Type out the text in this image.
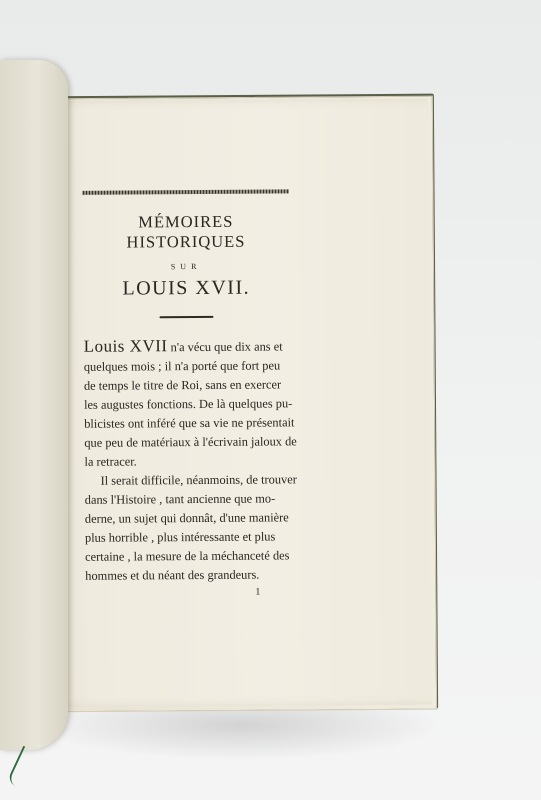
MÉMOIRES HISTORIQUES
SUR
LOUIS XVII.
Louis XVII n'a vécu que dix ans et
quelques mois ; il n'a porté que fort peu
de temps le titre de Roi, sans en exercer
les augustes fonctions. De là quelques pu-
blicistes ont inféré que sa vie ne présentait
que peu de matériaux à l'écrivain jaloux de
la retracer.
Il serait difficile, néanmoins, de trouver
dans l'Histoire , tant ancienne que mo-
derne, un sujet qui donnât, d'une manière
plus horrible , plus intéressante et plus
certaine , la mesure de la méchanceté des
hommes et du néant des grandeurs.
1
